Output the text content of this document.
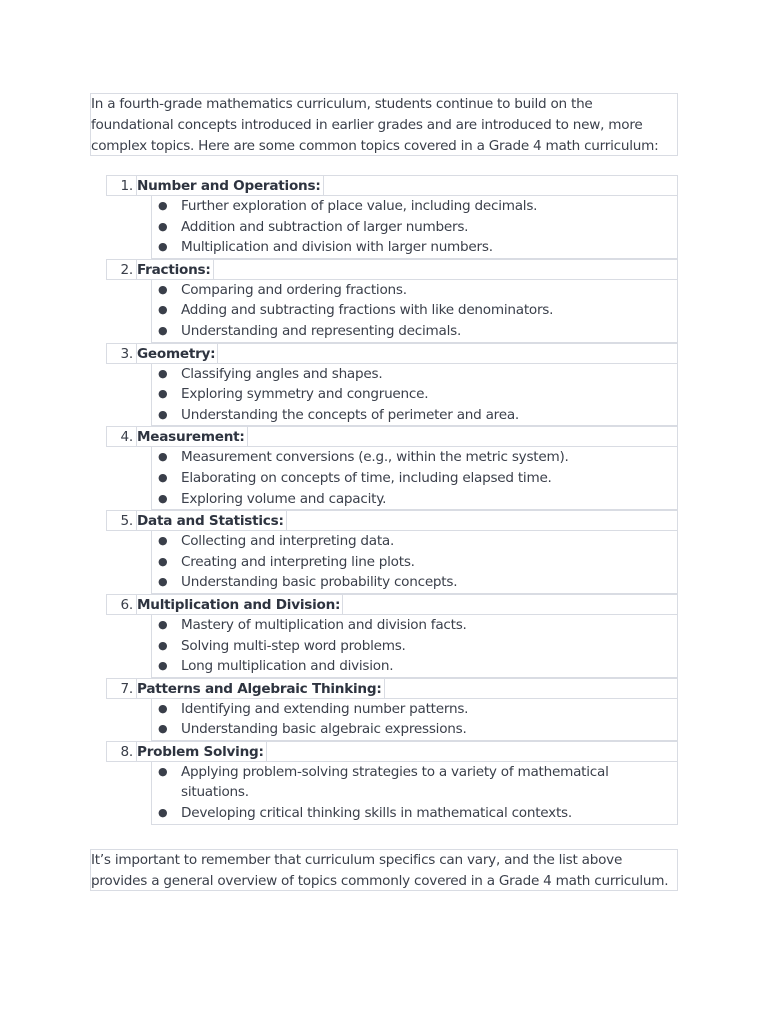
In a fourth-grade mathematics curriculum, students continue to build on the
foundational concepts introduced in earlier grades and are introduced to new, more
complex topics. Here are some common topics covered in a Grade 4 math curriculum:
1. Number and Operations:
● Further exploration of place value, including decimals.
● Addition and subtraction of larger numbers.
● Multiplication and division with larger numbers.
2. Fractions:
● Comparing and ordering fractions.
● Adding and subtracting fractions with like denominators.
● Understanding and representing decimals.
3. Geometry:
● Classifying angles and shapes.
● Exploring symmetry and congruence.
● Understanding the concepts of perimeter and area.
4. Measurement:
● Measurement conversions (e.g., within the metric system).
● Elaborating on concepts of time, including elapsed time.
● Exploring volume and capacity.
5. Data and Statistics:
● Collecting and interpreting data.
● Creating and interpreting line plots.
● Understanding basic probability concepts.
6. Multiplication and Division:
● Mastery of multiplication and division facts.
● Solving multi-step word problems.
● Long multiplication and division.
7. Patterns and Algebraic Thinking:
● Identifying and extending number patterns.
● Understanding basic algebraic expressions.
8. Problem Solving:
● Applying problem-solving strategies to a variety of mathematical situations.
● Developing critical thinking skills in mathematical contexts.
It’s important to remember that curriculum specifics can vary, and the list above
provides a general overview of topics commonly covered in a Grade 4 math curriculum.
